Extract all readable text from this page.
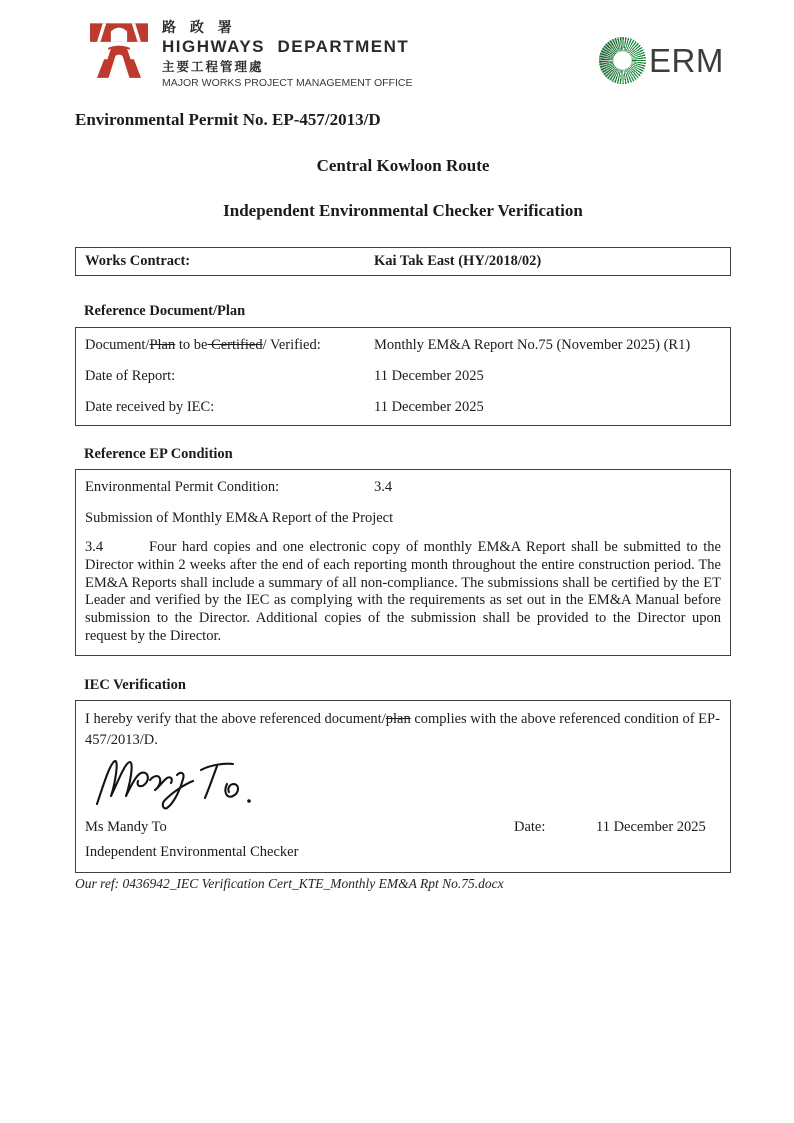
路 政 署
HIGHWAYS  DEPARTMENT
主要工程管理處
MAJOR WORKS PROJECT MANAGEMENT OFFICE
ERM
Environmental Permit No. EP-457/2013/D
Central Kowloon Route
Independent Environmental Checker Verification
Works Contract:	Kai Tak East (HY/2018/02)
Reference Document/Plan
Document/Plan to be Certified/ Verified:	Monthly EM&A Report No.75 (November 2025) (R1)
Date of Report:	11 December 2025
Date received by IEC:	11 December 2025
Reference EP Condition
Environmental Permit Condition:	3.4
Submission of Monthly EM&A Report of the Project
3.4	Four hard copies and one electronic copy of monthly EM&A Report shall be submitted to the Director within 2 weeks after the end of each reporting month throughout the entire construction period. The EM&A Reports shall include a summary of all non-compliance. The submissions shall be certified by the ET Leader and verified by the IEC as complying with the requirements as set out in the EM&A Manual before submission to the Director. Additional copies of the submission shall be provided to the Director upon request by the Director.
IEC Verification
I hereby verify that the above referenced document/plan complies with the above referenced condition of EP-457/2013/D.
Ms Mandy To	Date:	11 December 2025
Independent Environmental Checker
Our ref: 0436942_IEC Verification Cert_KTE_Monthly EM&A Rpt No.75.docx
